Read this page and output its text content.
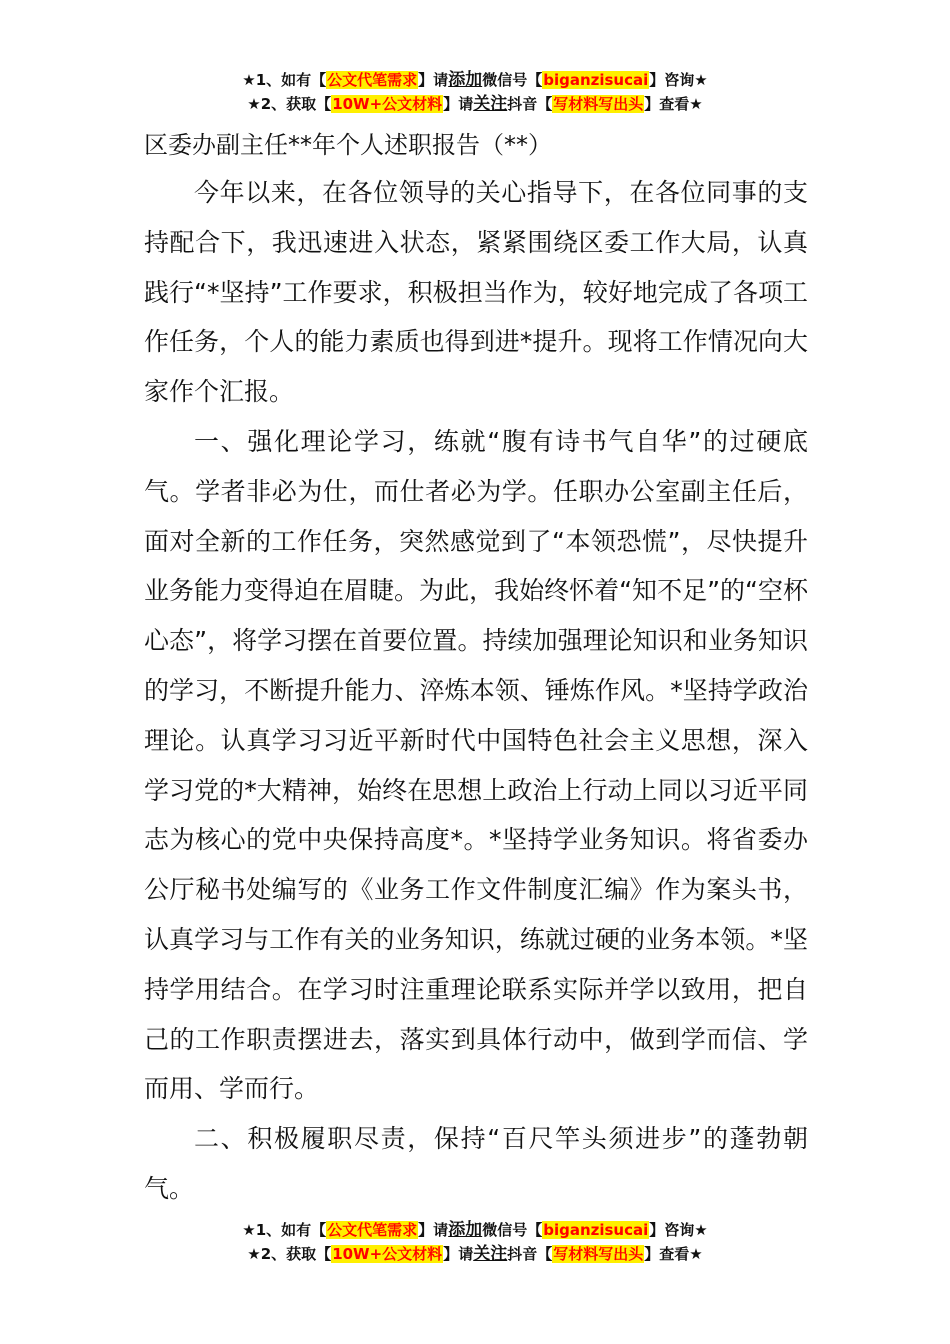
★1、如有【公文代笔需求】请添加微信号【biganzisucai】咨询★
★2、获取【10W+公文材料】请关注抖音【写材料写出头】查看★
区委办副主任**年个人述职报告（**）

今年以来，在各位领导的关心指导下，在各位同事的支持配合下，我迅速进入状态，紧紧围绕区委工作大局，认真践行“*坚持”工作要求，积极担当作为，较好地完成了各项工作任务，个人的能力素质也得到进*提升。现将工作情况向大家作个汇报。

一、强化理论学习，练就“腹有诗书气自华”的过硬底气。学者非必为仕，而仕者必为学。任职办公室副主任后，面对全新的工作任务，突然感觉到了“本领恐慌”，尽快提升业务能力变得迫在眉睫。为此，我始终怀着“知不足”的“空杯心态”，将学习摆在首要位置。持续加强理论知识和业务知识的学习，不断提升能力、淬炼本领、锤炼作风。*坚持学政治理论。认真学习习近平新时代中国特色社会主义思想，深入学习党的*大精神，始终在思想上政治上行动上同以习近平同志为核心的党中央保持高度*。*坚持学业务知识。将省委办公厅秘书处编写的《业务工作文件制度汇编》作为案头书，认真学习与工作有关的业务知识，练就过硬的业务本领。*坚持学用结合。在学习时注重理论联系实际并学以致用，把自己的工作职责摆进去，落实到具体行动中，做到学而信、学而用、学而行。

二、积极履职尽责，保持“百尺竿头须进步”的蓬勃朝气。

★1、如有【公文代笔需求】请添加微信号【biganzisucai】咨询★
★2、获取【10W+公文材料】请关注抖音【写材料写出头】查看★
